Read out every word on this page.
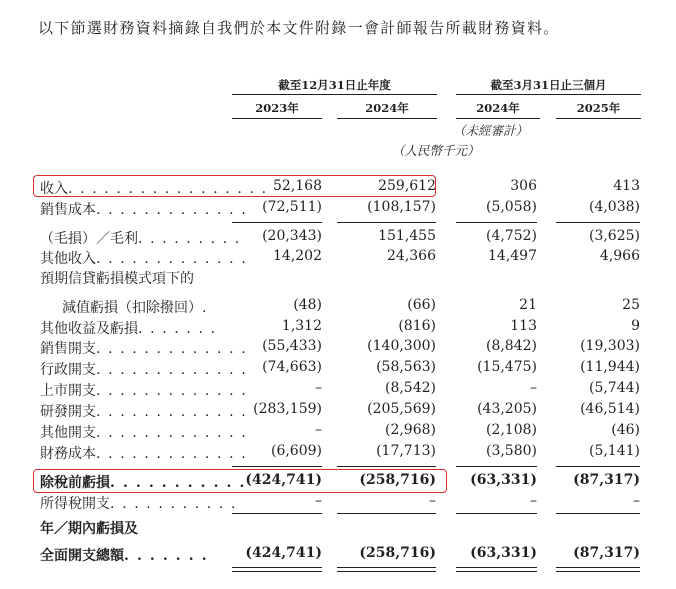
以下節選財務資料摘錄自我們於本文件附錄一會計師報告所載財務資料。
截至12月31日止年度	截至3月31日止三個月
2023年	2024年	2024年	2025年
（未經審計）
（人民幣千元）
收入. . . . . . . . . . . . . . . . . 52,168	259,612	306	413
銷售成本. . . . . . . . . . . . .	(72,511)	(108,157)	(5,058)	(4,038)
（毛損）／毛利. . . . . . . . .	(20,343)	151,455	(4,752)	(3,625)
其他收入. . . . . . . . . . . . .	14,202	24,366	14,497	4,966
預期信貸虧損模式項下的
減值虧損（扣除撥回）.	(48)	(66)	21	25
其他收益及虧損. . . . . . .	1,312	(816)	113	9
銷售開支. . . . . . . . . . . . .	(55,433)	(140,300)	(8,842)	(19,303)
行政開支. . . . . . . . . . . . .	(74,663)	(58,563)	(15,475)	(11,944)
上市開支. . . . . . . . . . . . .	–	(8,542)	–	(5,744)
研發開支. . . . . . . . . . . . . (283,159)	(205,569)	(43,205)	(46,514)
其他開支. . . . . . . . . . . . .	–	(2,968)	(2,108)	(46)
財務成本. . . . . . . . . . . . .	(6,609)	(17,713)	(3,580)	(5,141)
除稅前虧損. . . . . . . . . . . (424,741)	(258,716)	(63,331)	(87,317)
所得稅開支. . . . . . . . . . .	–	–	–	–
年／期內虧損及
全面開支總額. . . . . . .	(424,741)	(258,716)	(63,331)	(87,317)
